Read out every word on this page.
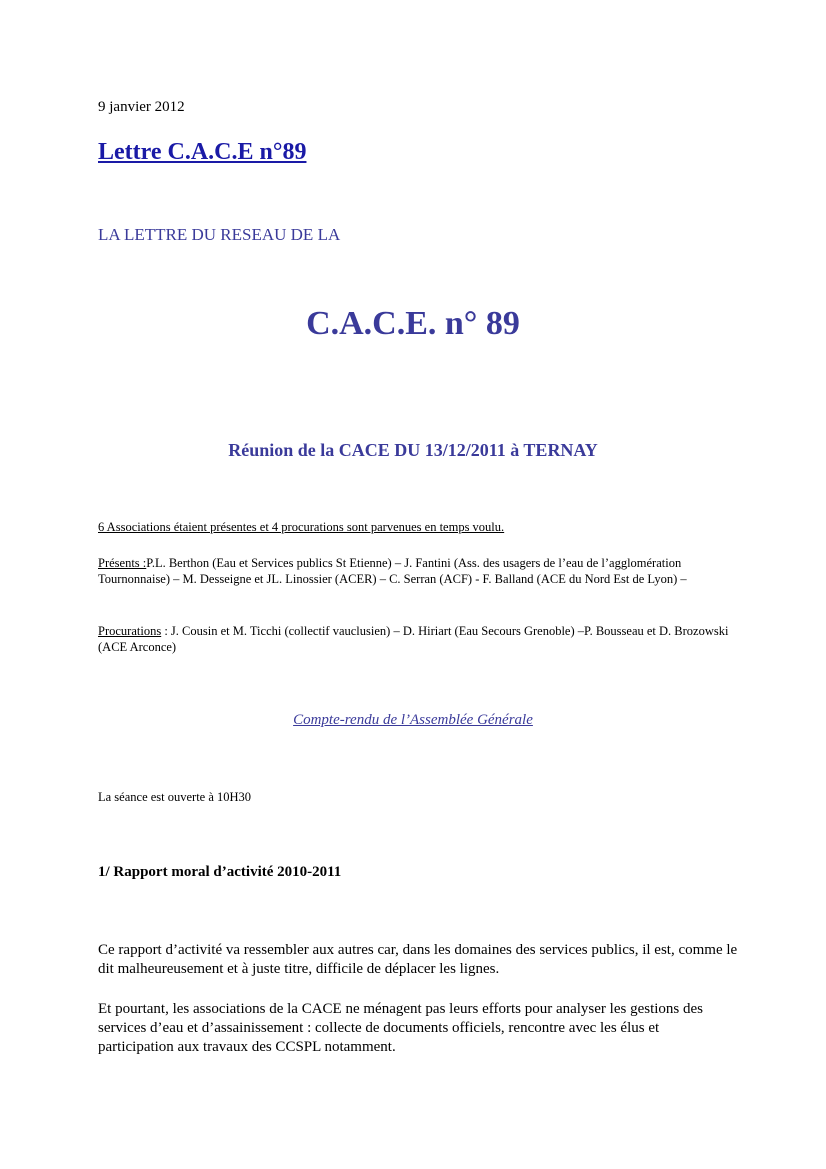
9 janvier 2012
Lettre C.A.C.E n°89
LA LETTRE DU RESEAU DE LA
C.A.C.E. n° 89
Réunion de la CACE DU 13/12/2011 à TERNAY
6 Associations étaient présentes et 4 procurations sont parvenues en temps voulu.
Présents :P.L. Berthon (Eau et Services publics St Etienne) – J. Fantini (Ass. des usagers de l’eau de l’agglomération Tournonnaise) – M. Desseigne et JL. Linossier (ACER) – C. Serran (ACF) - F. Balland (ACE du Nord Est de Lyon) –
Procurations : J. Cousin et M. Ticchi (collectif vauclusien) – D. Hiriart (Eau Secours Grenoble) –P. Bousseau et D. Brozowski (ACE Arconce)
Compte-rendu de l’Assemblée Générale
La séance est ouverte à 10H30
1/ Rapport moral d’activité 2010-2011
Ce rapport d’activité va ressembler aux autres car, dans les domaines des services publics, il est, comme le dit malheureusement et à juste titre, difficile de déplacer les lignes.
Et pourtant, les associations de la CACE ne ménagent pas leurs efforts pour analyser les gestions des services d’eau et d’assainissement : collecte de documents officiels, rencontre avec les élus et participation aux travaux des CCSPL notamment.
